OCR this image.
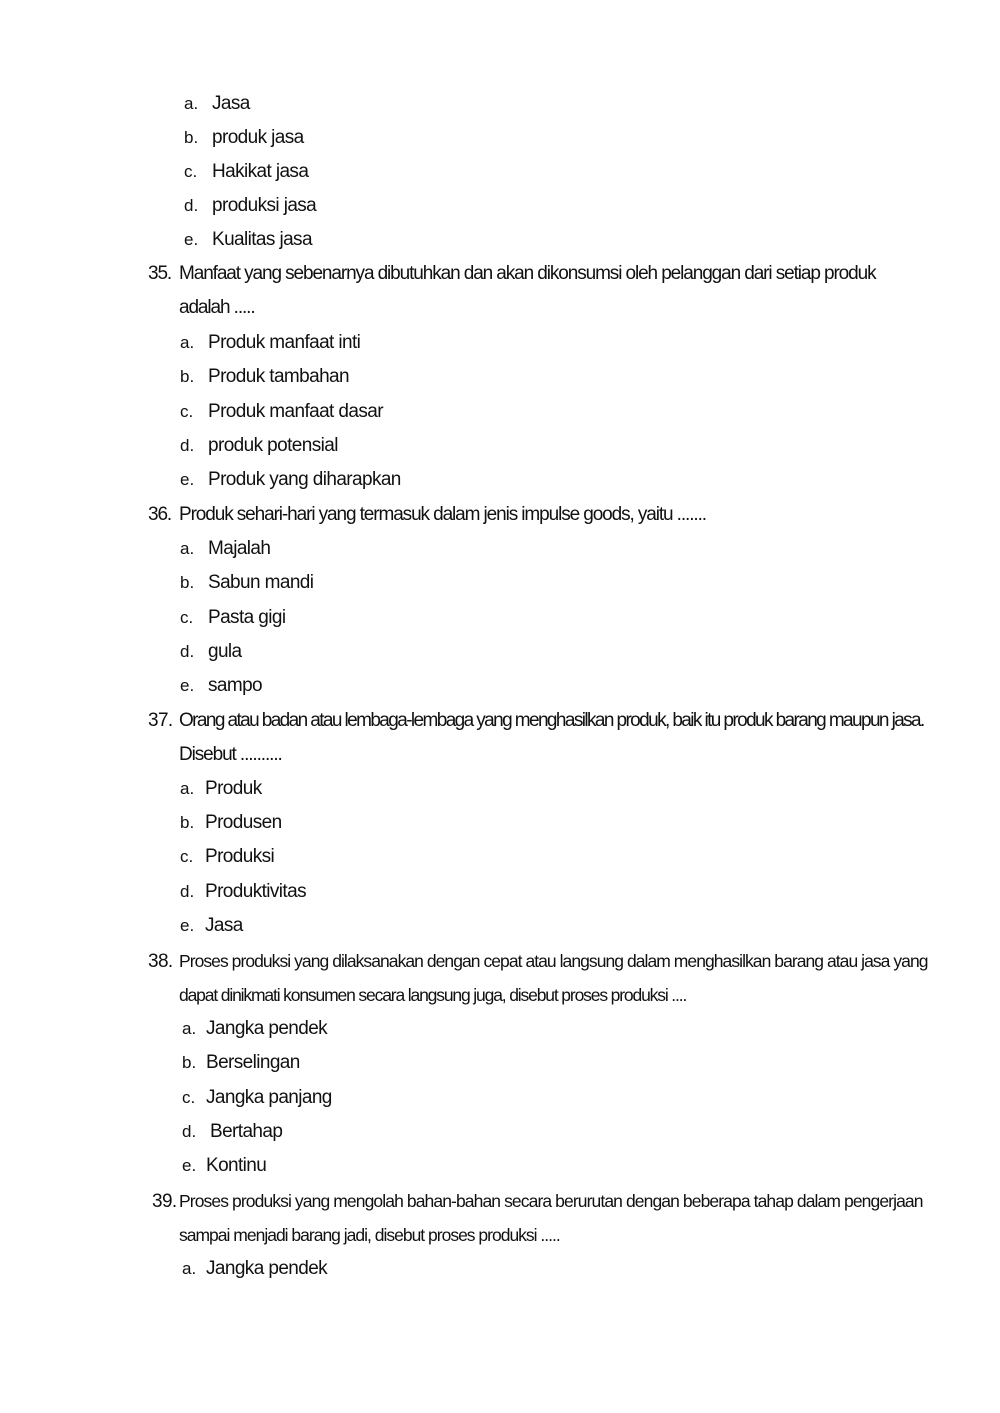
a. Jasa
b. produk jasa
c. Hakikat jasa
d. produksi jasa
e. Kualitas jasa
35. Manfaat yang sebenarnya dibutuhkan dan akan dikonsumsi oleh pelanggan dari setiap produk
adalah .....
a. Produk manfaat inti
b. Produk tambahan
c. Produk manfaat dasar
d. produk potensial
e. Produk yang diharapkan
36. Produk sehari-hari yang termasuk dalam jenis impulse goods, yaitu .......
a. Majalah
b. Sabun mandi
c. Pasta gigi
d. gula
e. sampo
37. Orang atau badan atau lembaga-lembaga yang menghasilkan produk, baik itu produk barang maupun jasa.
Disebut ..........
a. Produk
b. Produsen
c. Produksi
d. Produktivitas
e. Jasa
38. Proses produksi yang dilaksanakan dengan cepat atau langsung dalam menghasilkan barang atau jasa yang
dapat dinikmati konsumen secara langsung juga, disebut proses produksi ....
a. Jangka pendek
b. Berselingan
c. Jangka panjang
d. Bertahap
e. Kontinu
39. Proses produksi yang mengolah bahan-bahan secara berurutan dengan beberapa tahap dalam pengerjaan
sampai menjadi barang jadi, disebut proses produksi .....
a. Jangka pendek
